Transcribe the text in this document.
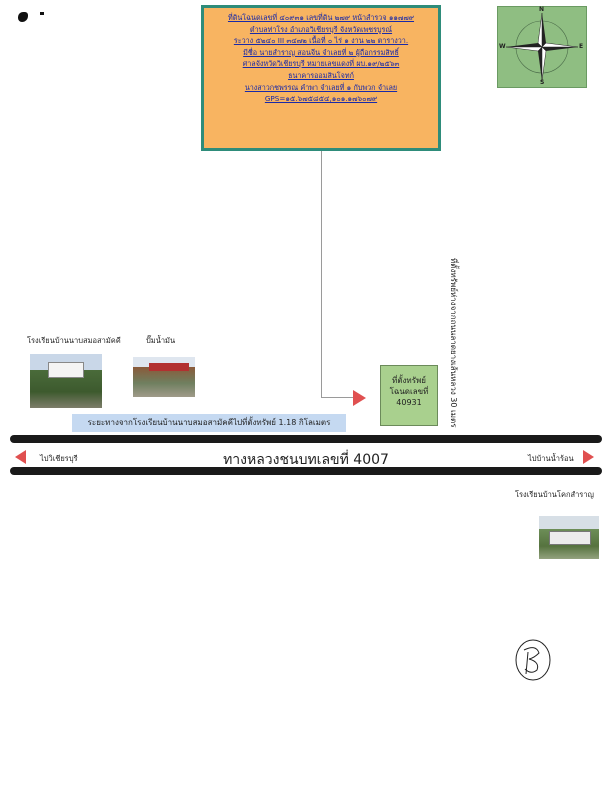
ที่ดินโฉนดเลขที่ ๔๐๙๓๑ เลขที่ดิน ๒๗๙ หน้าสำรวจ ๑๑๗๗๙
ตำบลท่าโรง อำเภอวิเชียรบุรี จังหวัดเพชรบูรณ์
ระวาง ๕๒๔๐ III ๓๔๗๒ เนื้อที่ ๐ ไร่ ๑ งาน ๒๒ ตารางวา.
มีชื่อ นายสำราญ สอนจีน จำเลยที่ ๒ ผู้ถือกรรมสิทธิ์
ศาลจังหวัดวิเชียรบุรี หมายเลขแดงที่ ผบ.๑๙/๒๕๖๓
ธนาคารออมสินโจทก์
นางสาวกชพรรณ คำพา จำเลยที่ ๑ กับพวก จำเลย
GPS=๑๕.๖๗๕๘๕๔,๑๐๑.๑๗๖๐๗๙
N
S
E
W
ที่ตั้งทรัพย์
โฉนดเลขที่
40931	ที่ตั้งทรัพย์ห่างจากถนนลาดยางเส้นหลวง 30 เมตร
โรงเรียนบ้านนาบสมอสามัคคี	ปั๊มน้ำมัน
โรงเรียนบ้านโคกสำราญ
ระยะทางจากโรงเรียนบ้านนาบสมอสามัคคีไปที่ตั้งทรัพย์ 1.18 กิโลเมตร
ไปวิเชียรบุรี	ทางหลวงชนบทเลขที่ 4007	ไปบ้านน้ำร้อน
